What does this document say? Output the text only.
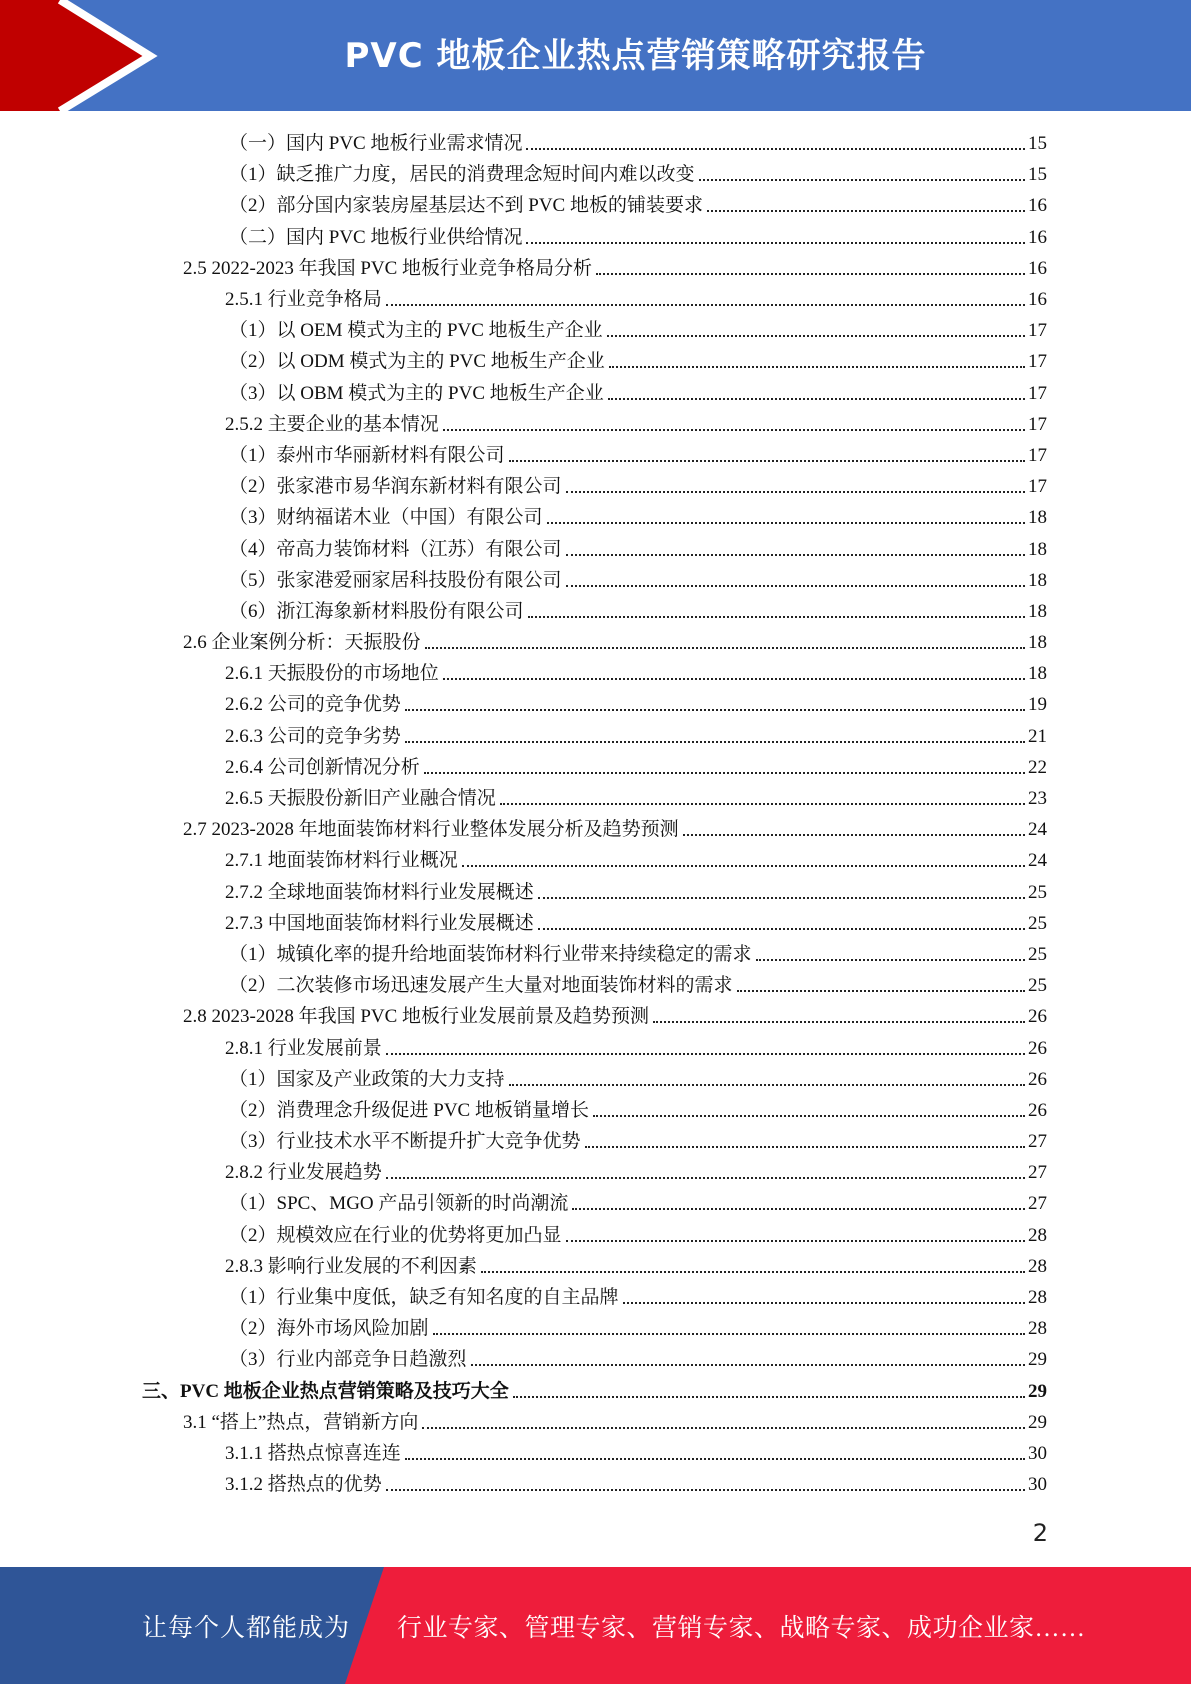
PVC 地板企业热点营销策略研究报告
（一）国内 PVC 地板行业需求情况	15
（1）缺乏推广力度，居民的消费理念短时间内难以改变	15
（2）部分国内家装房屋基层达不到 PVC 地板的铺装要求	16
（二）国内 PVC 地板行业供给情况	16
2.5 2022-2023 年我国 PVC 地板行业竞争格局分析	16
2.5.1 行业竞争格局	16
（1）以 OEM 模式为主的 PVC 地板生产企业	17
（2）以 ODM 模式为主的 PVC 地板生产企业	17
（3）以 OBM 模式为主的 PVC 地板生产企业	17
2.5.2 主要企业的基本情况	17
（1）泰州市华丽新材料有限公司	17
（2）张家港市易华润东新材料有限公司	17
（3）财纳福诺木业（中国）有限公司	18
（4）帝高力装饰材料（江苏）有限公司	18
（5）张家港爱丽家居科技股份有限公司	18
（6）浙江海象新材料股份有限公司	18
2.6 企业案例分析：天振股份	18
2.6.1 天振股份的市场地位	18
2.6.2 公司的竞争优势	19
2.6.3 公司的竞争劣势	21
2.6.4 公司创新情况分析	22
2.6.5 天振股份新旧产业融合情况	23
2.7 2023-2028 年地面装饰材料行业整体发展分析及趋势预测	24
2.7.1 地面装饰材料行业概况	24
2.7.2 全球地面装饰材料行业发展概述	25
2.7.3 中国地面装饰材料行业发展概述	25
（1）城镇化率的提升给地面装饰材料行业带来持续稳定的需求	25
（2）二次装修市场迅速发展产生大量对地面装饰材料的需求	25
2.8 2023-2028 年我国 PVC 地板行业发展前景及趋势预测	26
2.8.1 行业发展前景	26
（1）国家及产业政策的大力支持	26
（2）消费理念升级促进 PVC 地板销量增长	26
（3）行业技术水平不断提升扩大竞争优势	27
2.8.2 行业发展趋势	27
（1）SPC、MGO 产品引领新的时尚潮流	27
（2）规模效应在行业的优势将更加凸显	28
2.8.3 影响行业发展的不利因素	28
（1）行业集中度低，缺乏有知名度的自主品牌	28
（2）海外市场风险加剧	28
（3）行业内部竞争日趋激烈	29
三、PVC 地板企业热点营销策略及技巧大全	29
3.1 “搭上”热点，营销新方向	29
3.1.1 搭热点惊喜连连	30
3.1.2 搭热点的优势	30
2
让每个人都能成为 行业专家、管理专家、营销专家、战略专家、成功企业家……
